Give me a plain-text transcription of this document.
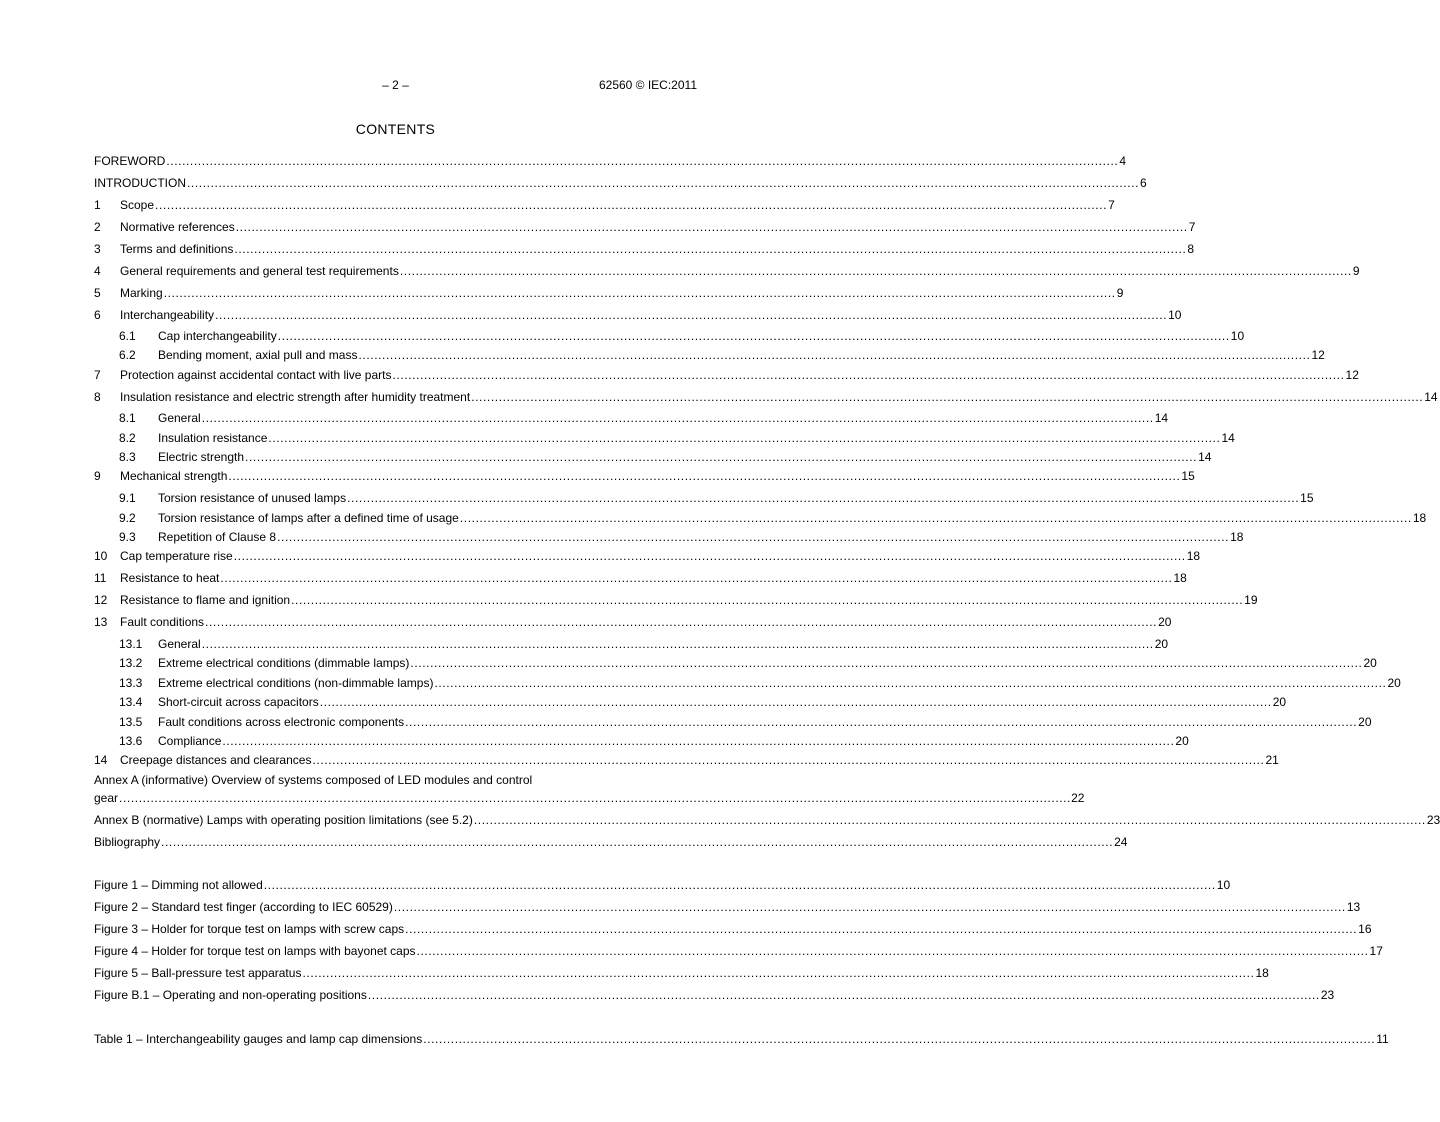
– 2 –	62560 © IEC:2011
CONTENTS
FOREWORD .....	4
INTRODUCTION .....	6
1	Scope .....	7
2	Normative references .....	7
3	Terms and definitions .....	8
4	General requirements and general test requirements .....	9
5	Marking .....	9
6	Interchangeability .....	10
6.1	Cap interchangeability .....	10
6.2	Bending moment, axial pull and mass .....	12
7	Protection against accidental contact with live parts .....	12
8	Insulation resistance and electric strength after humidity treatment .....	14
8.1	General .....	14
8.2	Insulation resistance .....	14
8.3	Electric strength .....	14
9	Mechanical strength .....	15
9.1	Torsion resistance of unused lamps .....	15
9.2	Torsion resistance of lamps after a defined time of usage .....	18
9.3	Repetition of Clause 8 .....	18
10	Cap temperature rise .....	18
11	Resistance to heat .....	18
12	Resistance to flame and ignition .....	19
13	Fault conditions .....	20
13.1	General .....	20
13.2	Extreme electrical conditions (dimmable lamps) .....	20
13.3	Extreme electrical conditions (non-dimmable lamps) .....	20
13.4	Short-circuit across capacitors .....	20
13.5	Fault conditions across electronic components .....	20
13.6	Compliance .....	20
14	Creepage distances and clearances .....	21
Annex A (informative) Overview of systems composed of LED modules and control
gear .....	22
Annex B (normative) Lamps with operating position limitations (see 5.2) .....	23
Bibliography .....	24
Figure 1 – Dimming not allowed .....	10
Figure 2 – Standard test finger (according to IEC 60529) .....	13
Figure 3 – Holder for torque test on lamps with screw caps .....	16
Figure 4 – Holder for torque test on lamps with bayonet caps .....	17
Figure 5 – Ball-pressure test apparatus .....	18
Figure B.1 – Operating and non-operating positions .....	23
Table 1 – Interchangeability gauges and lamp cap dimensions .....	11
